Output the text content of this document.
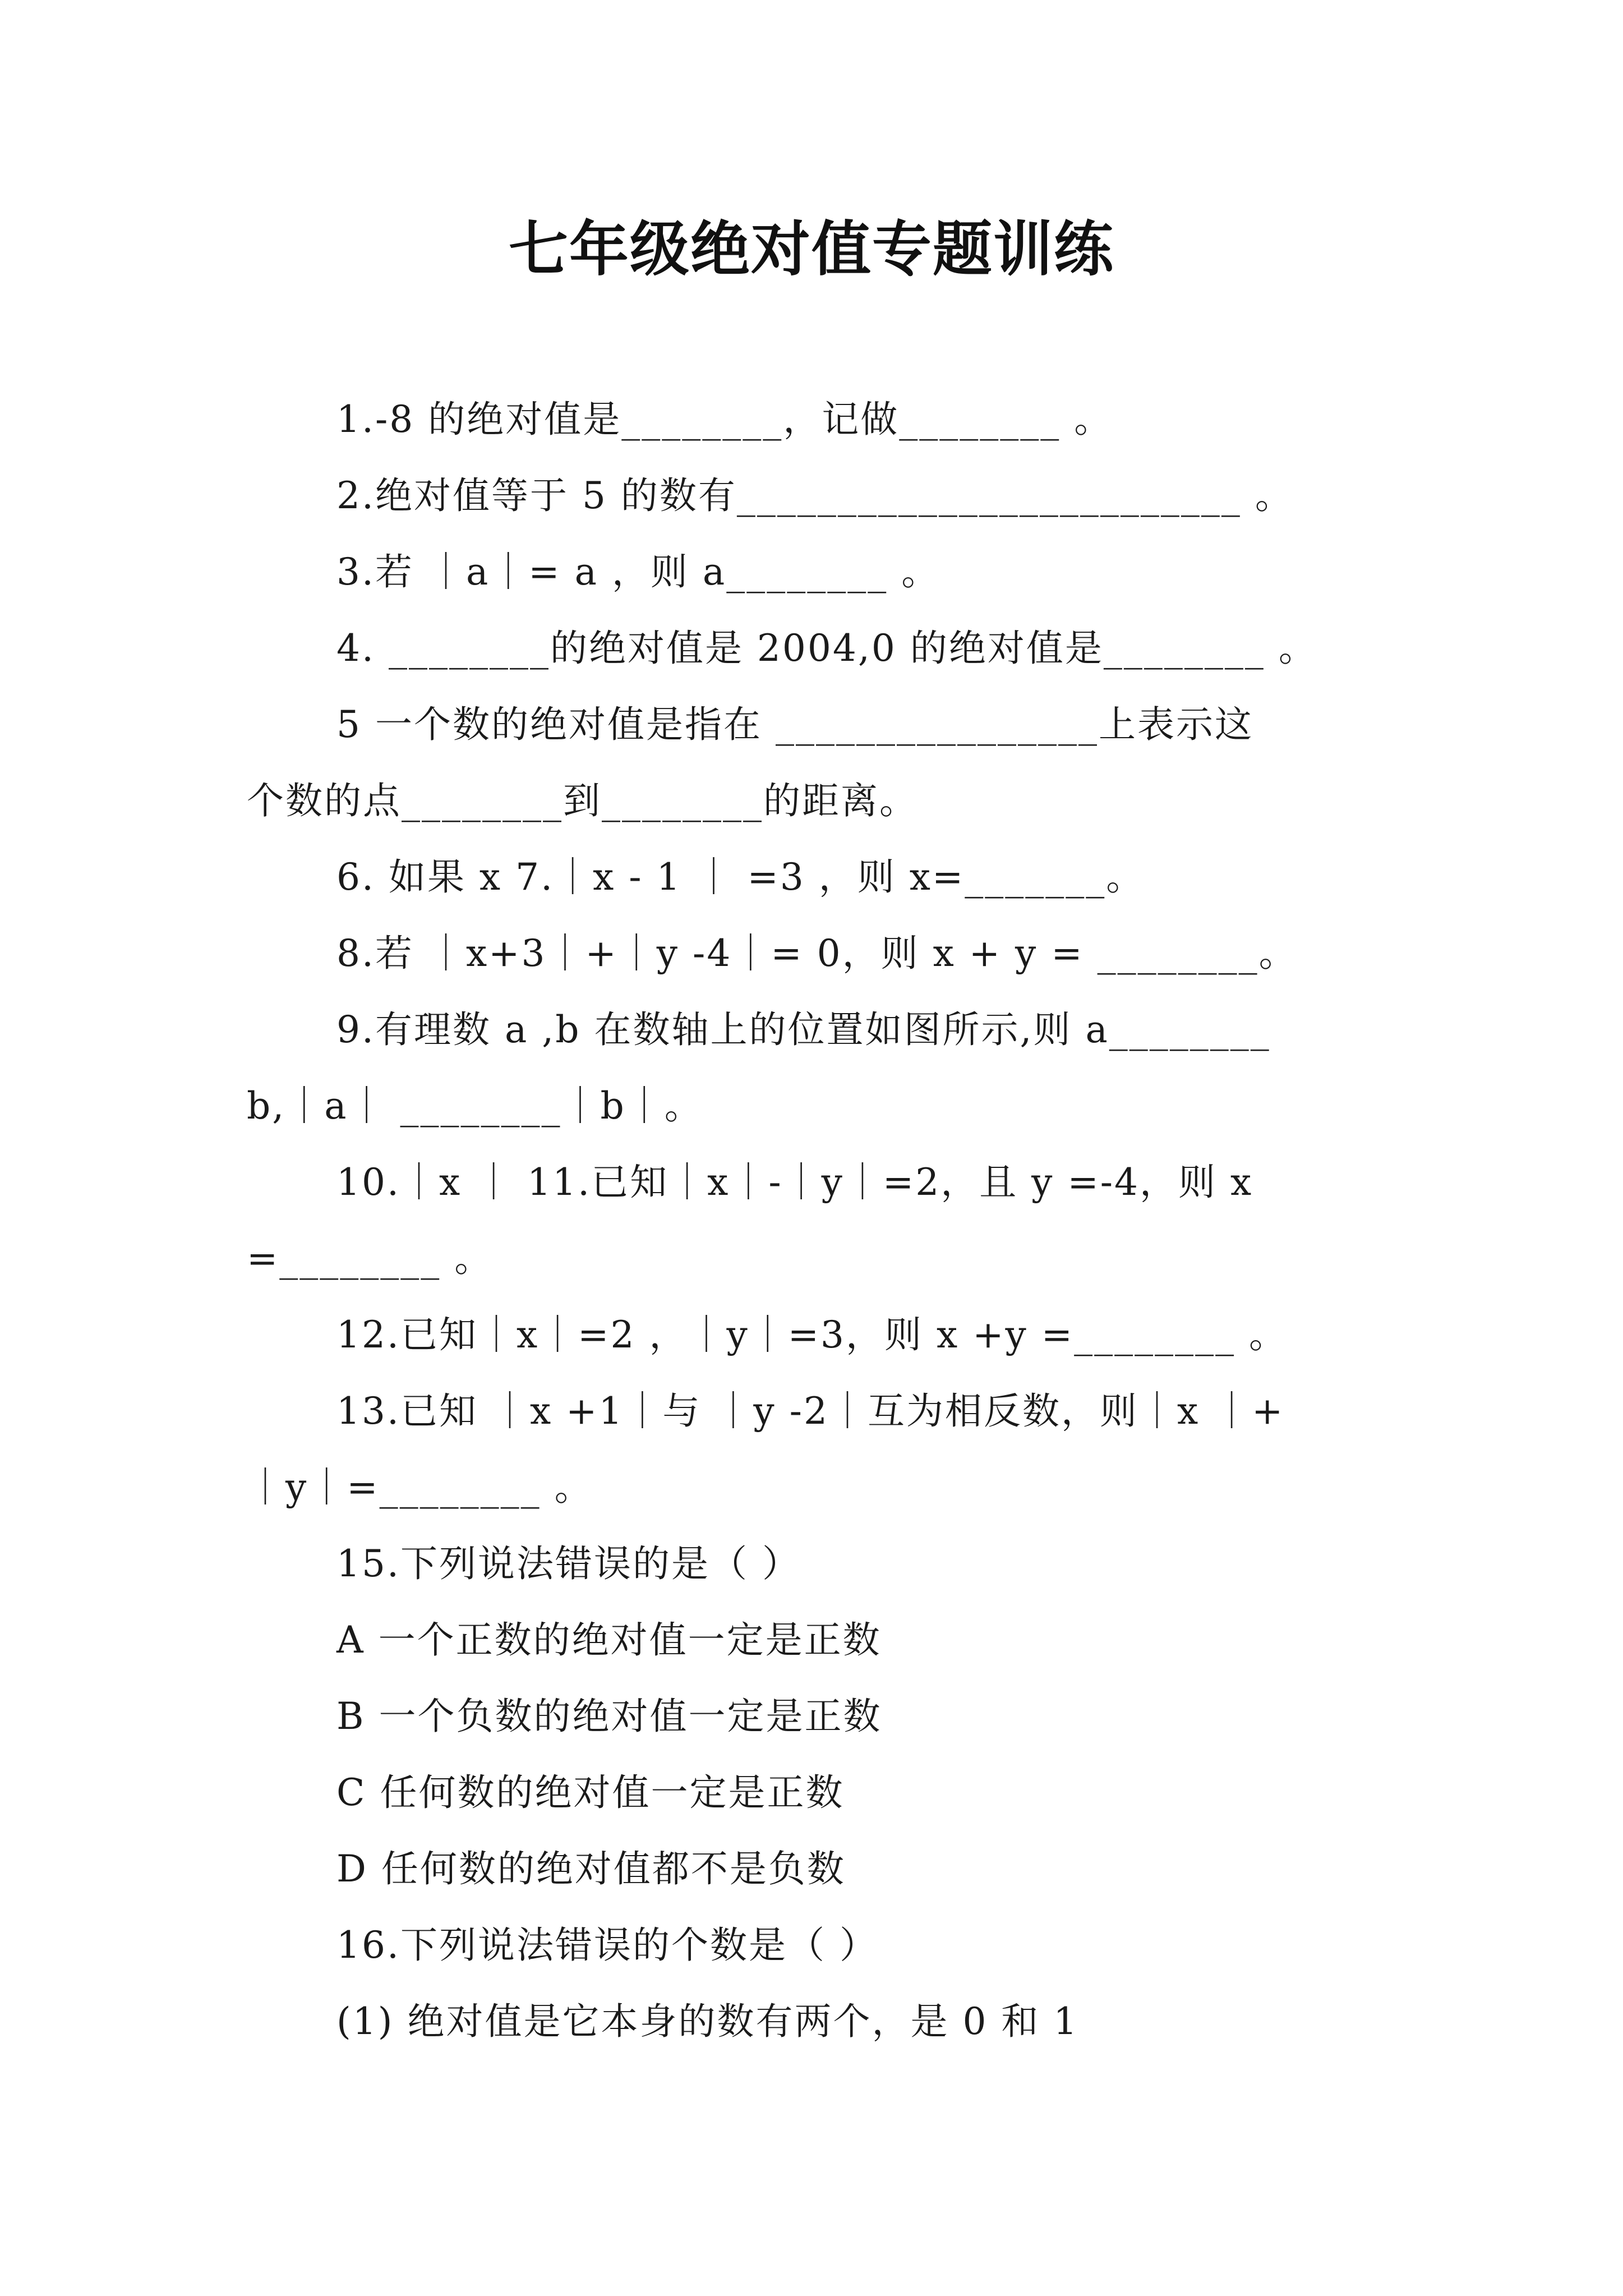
七年级绝对值专题训练
1.-8 的绝对值是________，记做________ 。
2.绝对值等于 5 的数有_________________________ 。
3.若 ｜a｜= a ，则 a________ 。
4. ________的绝对值是 2004,0 的绝对值是________ 。
5 一个数的绝对值是指在 ________________上表示这
个数的点________到________的距离。
6. 如果 x 7.｜x - 1 ｜ =3 ，则 x=_______。
8.若 ｜x+3｜+｜y -4｜= 0，则 x + y = ________。
9.有理数 a ,b 在数轴上的位置如图所示,则 a________
b,｜a｜ ________｜b｜。
10.｜x ｜ 11.已知｜x｜-｜y｜=2，且 y =-4，则 x
=________ 。
12.已知｜x｜=2 ，｜y｜=3，则 x +y =________ 。
13.已知 ｜x +1｜与 ｜y -2｜互为相反数，则｜x ｜+
｜y｜=________ 。
15.下列说法错误的是（ ）
A 一个正数的绝对值一定是正数
B 一个负数的绝对值一定是正数
C 任何数的绝对值一定是正数
D 任何数的绝对值都不是负数
16.下列说法错误的个数是（ ）
(1) 绝对值是它本身的数有两个，是 0 和 1
